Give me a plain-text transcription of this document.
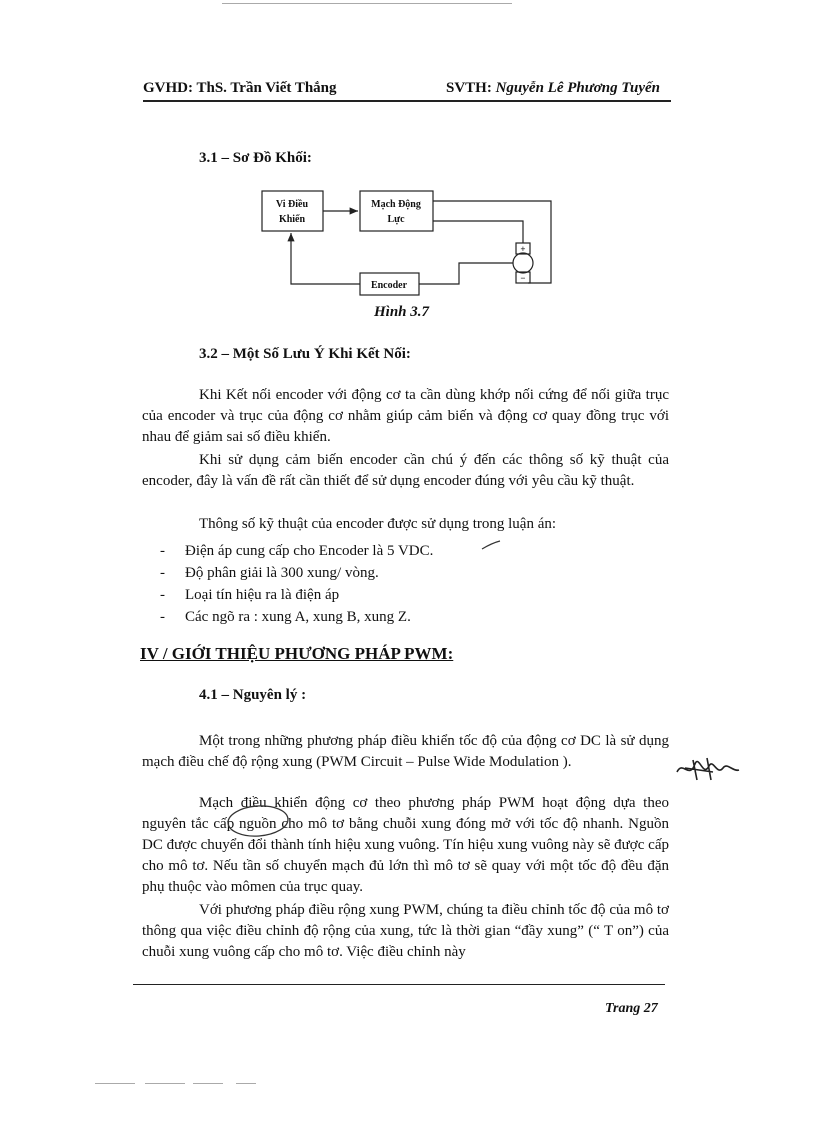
GVHD: ThS. Trần Viết Thắng	SVTH: Nguyễn Lê Phương Tuyến
3.1 – Sơ Đồ Khối:
Vi Điều
Khiển
Mạch Động
Lực
Encoder
+
−
Hình 3.7
3.2 – Một Số Lưu Ý Khi Kết Nối:
Khi Kết nối encoder với động cơ ta cần dùng khớp nối cứng để nối giữa trục của encoder và trục của động cơ nhằm giúp cảm biến và động cơ quay đồng trục với nhau để giảm sai số điều khiển.
Khi sử dụng cảm biến encoder cần chú ý đến các thông số kỹ thuật của encoder, đây là vấn đề rất cần thiết để sử dụng encoder đúng với yêu cầu kỹ thuật.
Thông số kỹ thuật của encoder được sử dụng trong luận án:
-	Điện áp cung cấp cho Encoder là 5 VDC.
-	Độ phân giải là 300 xung/ vòng.
-	Loại tín hiệu ra là điện áp
-	Các ngõ ra : xung A, xung B, xung Z.
IV / GIỚI THIỆU PHƯƠNG PHÁP PWM:
4.1 – Nguyên lý :
Một trong những phương pháp điều khiển tốc độ của động cơ DC là sử dụng mạch điều chế độ rộng xung (PWM Circuit – Pulse Wide Modulation ).
Mạch điều khiển động cơ theo phương pháp PWM hoạt động dựa theo nguyên tắc cấp nguồn cho mô tơ bằng chuỗi xung đóng mở với tốc độ nhanh. Nguồn DC được chuyển đổi thành tính hiệu xung vuông. Tín hiệu xung vuông này sẽ được cấp cho mô tơ. Nếu tần số chuyển mạch đủ lớn thì mô tơ sẽ quay với một tốc độ đều đặn phụ thuộc vào mômen của trục quay.
Với phương pháp điều rộng xung PWM, chúng ta điều chỉnh tốc độ của mô tơ thông qua việc điều chỉnh độ rộng của xung, tức là thời gian “đầy xung” (“ T on”) của chuỗi xung vuông cấp cho mô tơ. Việc điều chỉnh này
Trang 27
